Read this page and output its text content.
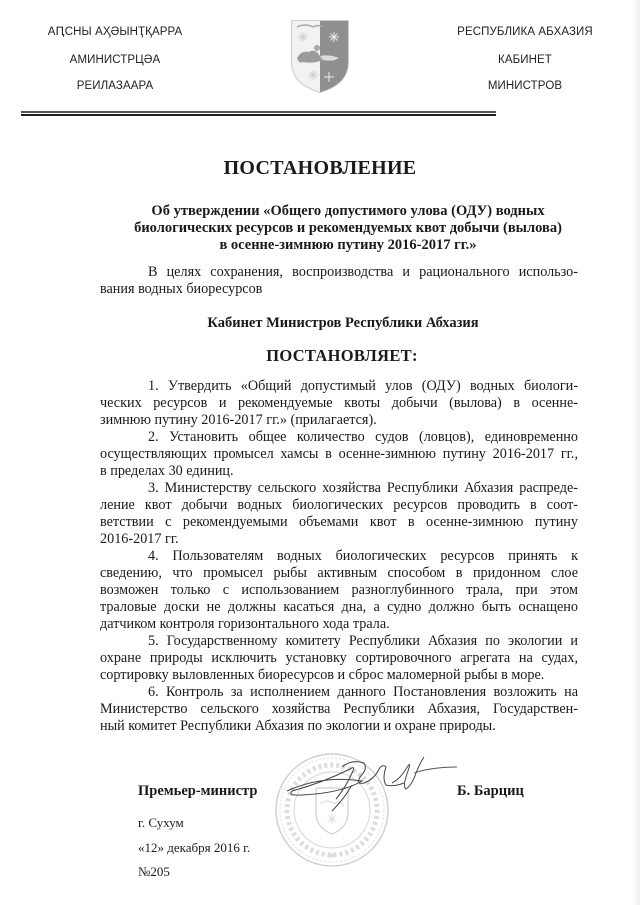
АԤСНЫ АҲӘЫНҬҚАРРА
АМИНИСТРЦӘА
РЕИЛАЗААРА
РЕСПУБЛИКА АБХАЗИЯ
КАБИНЕТ
МИНИСТРОВ
ПОСТАНОВЛЕНИЕ
Об утверждении «Общего допустимого улова (ОДУ) водных
биологических ресурсов и рекомендуемых квот добычи (вылова)
в осенне-зимнюю путину 2016-2017 гг.»
В целях сохранения, воспроизводства и рационального использо-
вания водных биоресурсов
Кабинет Министров Республики Абхазия
ПОСТАНОВЛЯЕТ:
1. Утвердить «Общий допустимый улов (ОДУ) водных биологи-
ческих ресурсов и рекомендуемые квоты добычи (вылова) в осенне-
зимнюю путину 2016-2017 гг.» (прилагается).
2. Установить общее количество судов (ловцов), единовременно
осуществляющих промысел хамсы в осенне-зимнюю путину 2016-2017 гг.,
в пределах 30 единиц.
3. Министерству сельского хозяйства Республики Абхазия распреде-
ление квот добычи водных биологических ресурсов проводить в соот-
ветствии с рекомендуемыми объемами квот в осенне-зимнюю путину
2016-2017 гг.
4. Пользователям водных биологических ресурсов принять к
сведению, что промысел рыбы активным способом в придонном слое
возможен только с использованием разноглубинного трала, при этом
траловые доски не должны касаться дна, а судно должно быть оснащено
датчиком контроля горизонтального хода трала.
5. Государственному комитету Республики Абхазия по экологии и
охране природы исключить установку сортировочного агрегата на судах,
сортировку выловленных биоресурсов и сброс маломерной рыбы в море.
6. Контроль за исполнением данного Постановления возложить на
Министерство сельского хозяйства Республики Абхазия, Государствен-
ный комитет Республики Абхазия по экологии и охране природы.
★
Премьер-министр	Б. Барциц
г. Сухум
«12» декабря 2016 г.
№205
